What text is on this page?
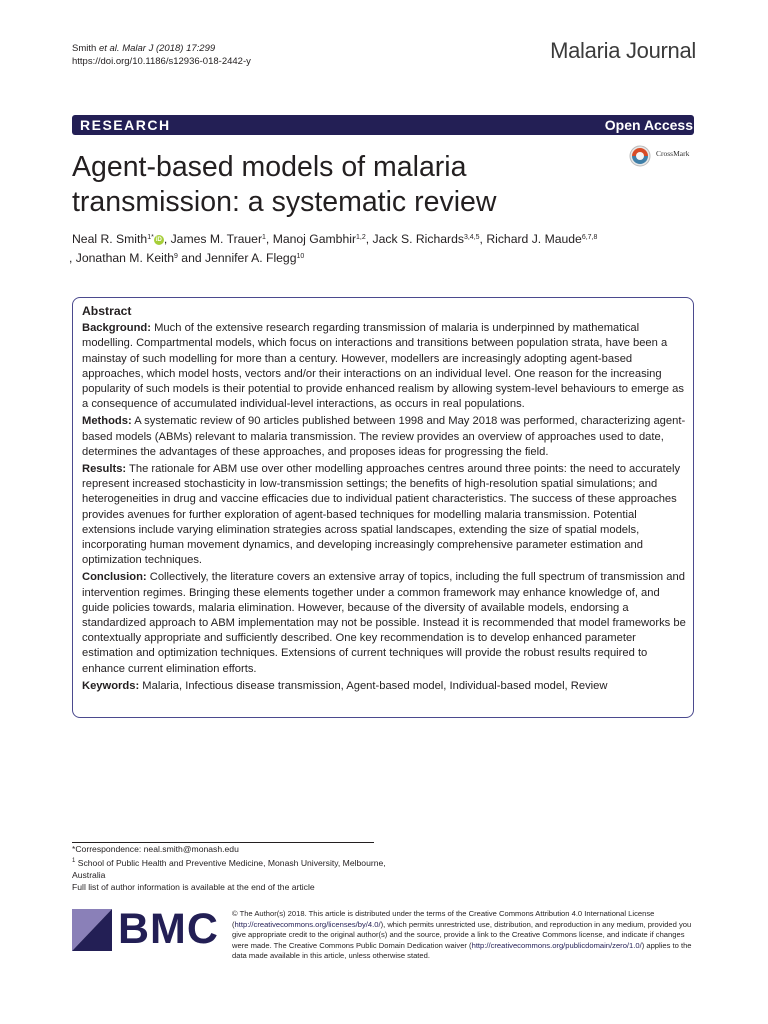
Smith et al. Malar J (2018) 17:299
https://doi.org/10.1186/s12936-018-2442-y	Malaria Journal
RESEARCH	Open Access
Agent-based models of malaria transmission: a systematic review
CrossMark
Neal R. Smith$^{1*}$ iD , James M. Trauer$^1$, Manoj Gambhir$^{1,2}$, Jack S. Richards$^{3,4,5}$, Richard J. Maude$^{6,7,8}$
, Jonathan M. Keith$^9$ and Jennifer A. Flegg$^{10}$
Abstract

Background: Much of the extensive research regarding transmission of malaria is underpinned by mathematical modelling. Compartmental models, which focus on interactions and transitions between population strata, have been a mainstay of such modelling for more than a century. However, modellers are increasingly adopting agent-based approaches, which model hosts, vectors and/or their interactions on an individual level. One reason for the increasing popularity of such models is their potential to provide enhanced realism by allowing system-level behaviours to emerge as a consequence of accumulated individual-level interactions, as occurs in real populations.

Methods: A systematic review of 90 articles published between 1998 and May 2018 was performed, characterizing agent-based models (ABMs) relevant to malaria transmission. The review provides an overview of approaches used to date, determines the advantages of these approaches, and proposes ideas for progressing the field.

Results: The rationale for ABM use over other modelling approaches centres around three points: the need to accurately represent increased stochasticity in low-transmission settings; the benefits of high-resolution spatial simulations; and heterogeneities in drug and vaccine efficacies due to individual patient characteristics. The success of these approaches provides avenues for further exploration of agent-based techniques for modelling malaria transmission. Potential extensions include varying elimination strategies across spatial landscapes, extending the size of spatial models, incorporating human movement dynamics, and developing increasingly comprehensive parameter estimation and optimization techniques.

Conclusion: Collectively, the literature covers an extensive array of topics, including the full spectrum of transmission and intervention regimes. Bringing these elements together under a common framework may enhance knowledge of, and guide policies towards, malaria elimination. However, because of the diversity of available models, endorsing a standardized approach to ABM implementation may not be possible. Instead it is recommended that model frameworks be contextually appropriate and sufficiently described. One key recommendation is to develop enhanced parameter estimation and optimization techniques. Extensions of current techniques will provide the robust results required to enhance current elimination efforts.

Keywords: Malaria, Infectious disease transmission, Agent-based model, Individual-based model, Review

*Correspondence: neal.smith@monash.edu

$^1$ School of Public Health and Preventive Medicine, Monash University, Melbourne, Australia

Full list of author information is available at the end of the article

BMC © The Author(s) 2018. This article is distributed under the terms of the Creative Commons Attribution 4.0 International License (http://creativecommons.org/licenses/by/4.0/), which permits unrestricted use, distribution, and reproduction in any medium, provided you give appropriate credit to the original author(s) and the source, provide a link to the Creative Commons license, and indicate if changes were made. The Creative Commons Public Domain Dedication waiver (http://creativecommons.org/publicdomain/zero/1.0/) applies to the data made available in this article, unless otherwise stated.
